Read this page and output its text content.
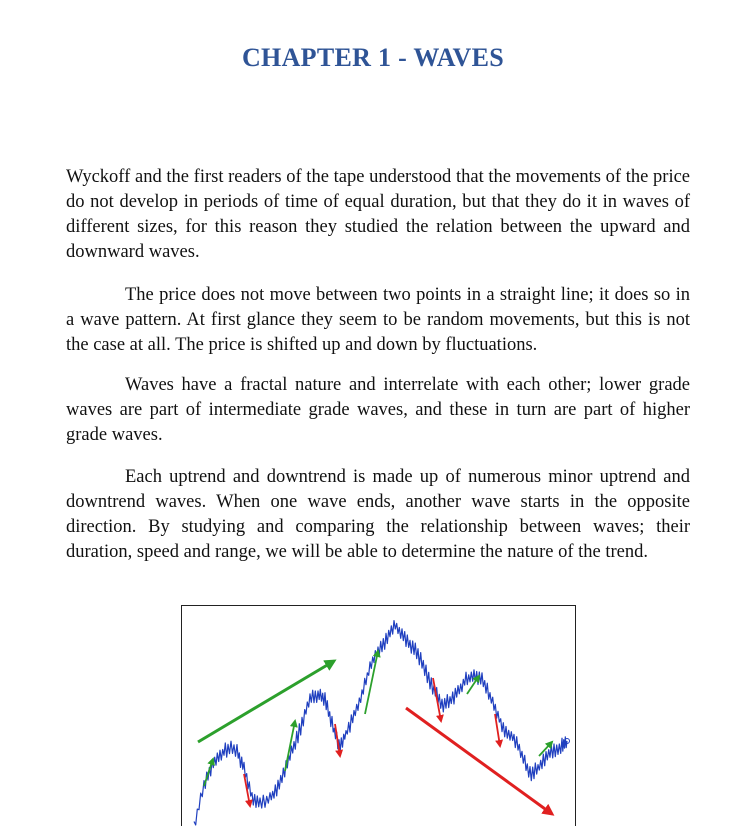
CHAPTER 1 - WAVES

Wyckoff and the first readers of the tape understood that the movements of the price do not develop in periods of time of equal duration, but that they do it in waves of different sizes, for this reason they studied the relation between the upward and downward waves.

The price does not move between two points in a straight line; it does so in a wave pattern. At first glance they seem to be random movements, but this is not the case at all. The price is shifted up and down by fluctuations.

Waves have a fractal nature and interrelate with each other; lower grade waves are part of intermediate grade waves, and these in turn are part of higher grade waves.

Each uptrend and downtrend is made up of numerous minor uptrend and downtrend waves. When one wave ends, another wave starts in the opposite direction. By studying and comparing the relationship between waves; their duration, speed and range, we will be able to determine the nature of the trend.
